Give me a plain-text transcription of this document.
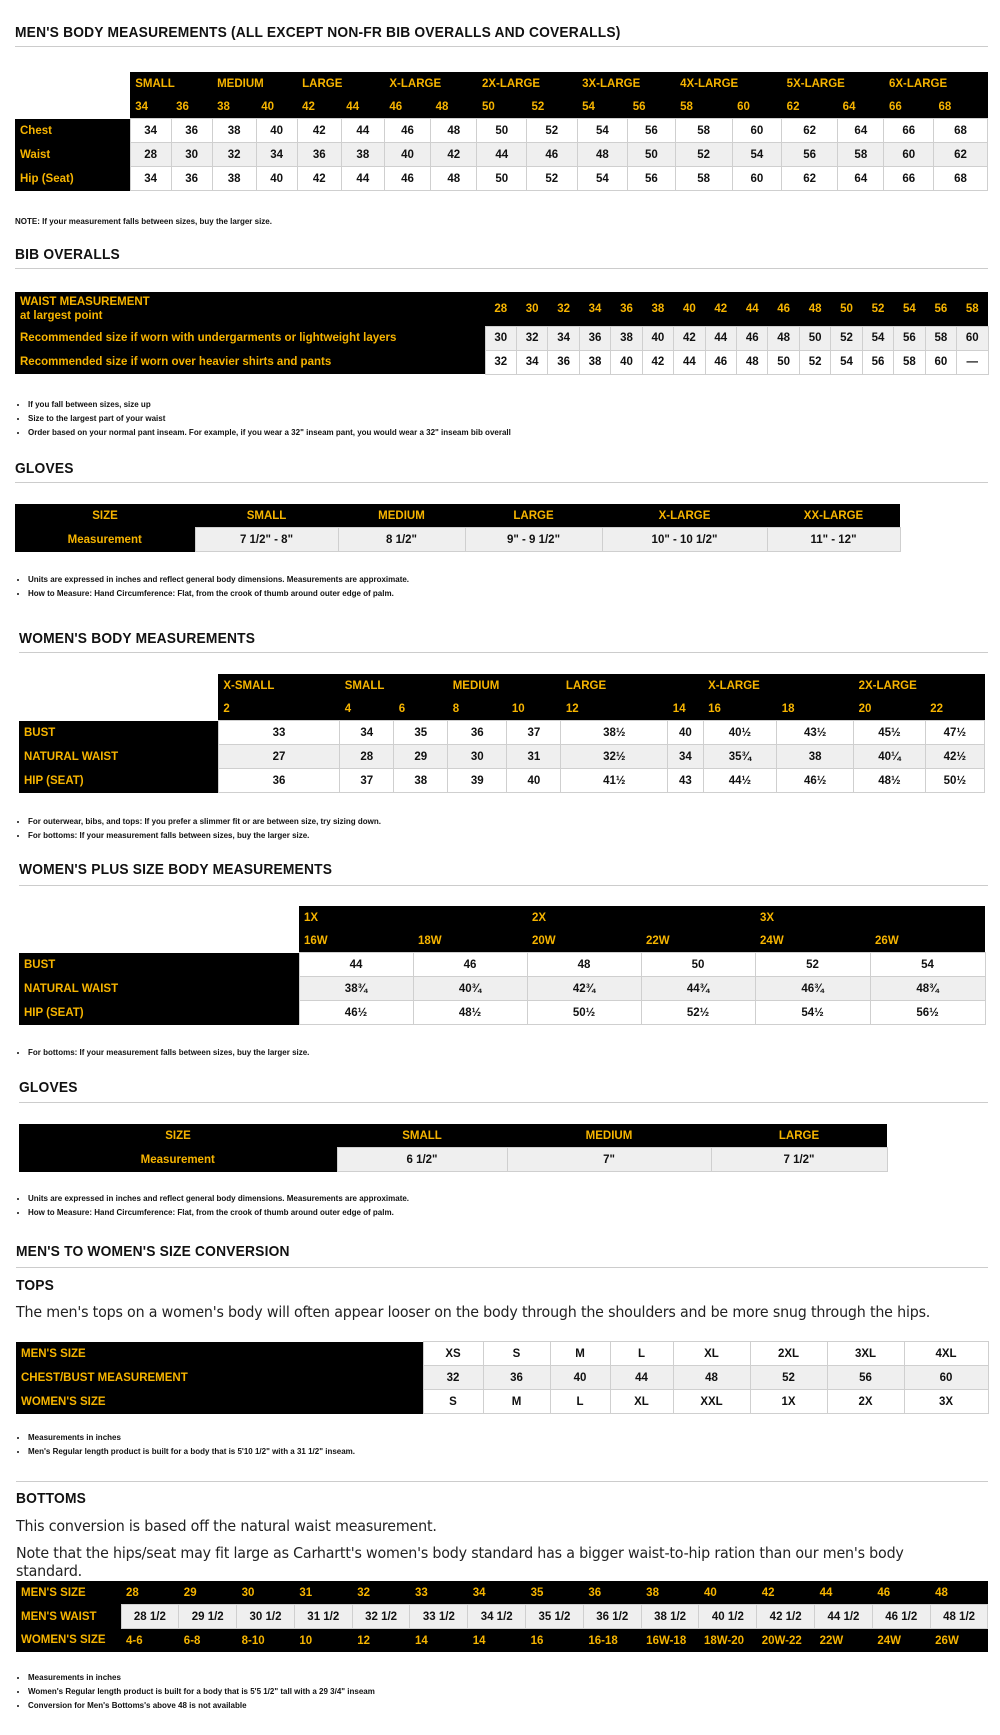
MEN'S BODY MEASUREMENTS (ALL EXCEPT NON-FR BIB OVERALLS AND COVERALLS)
	SMALL		MEDIUM		LARGE		X-LARGE		2X-LARGE		3X-LARGE		4X-LARGE		5X-LARGE		6X-LARGE	
	34	36	38	40	42	44	46	48	50	52	54	56	58	60	62	64	66	68
Chest	34	36	38	40	42	44	46	48	50	52	54	56	58	60	62	64	66	68
Waist	28	30	32	34	36	38	40	42	44	46	48	50	52	54	56	58	60	62
Hip (Seat)	34	36	38	40	42	44	46	48	50	52	54	56	58	60	62	64	66	68
NOTE: If your measurement falls between sizes, buy the larger size.
BIB OVERALLS
WAIST MEASUREMENT
at largest point	28	30	32	34	36	38	40	42	44	46	48	50	52	54	56	58
Recommended size if worn with undergarments or lightweight layers	30	32	34	36	38	40	42	44	46	48	50	52	54	56	58	60
Recommended size if worn over heavier shirts and pants	32	34	36	38	40	42	44	46	48	50	52	54	56	58	60	—
• If you fall between sizes, size up
• Size to the largest part of your waist
• Order based on your normal pant inseam. For example, if you wear a 32" inseam pant, you would wear a 32" inseam bib overall
GLOVES
SIZE	SMALL	MEDIUM	LARGE	X-LARGE	XX-LARGE
Measurement	7 1/2" - 8"	8 1/2"	9" - 9 1/2"	10" - 10 1/2"	11" - 12"
• Units are expressed in inches and reflect general body dimensions. Measurements are approximate.
• How to Measure: Hand Circumference: Flat, from the crook of thumb around outer edge of palm.
WOMEN'S BODY MEASUREMENTS
	X-SMALL	SMALL		MEDIUM		LARGE		X-LARGE		2X-LARGE	
	2	4	6	8	10	12	14	16	18	20	22
BUST	33	34	35	36	37	38½	40	40½	43½	45½	47½
NATURAL WAIST	27	28	29	30	31	32½	34	35¾	38	40¼	42½
HIP (SEAT)	36	37	38	39	40	41½	43	44½	46½	48½	50½
• For outerwear, bibs, and tops: If you prefer a slimmer fit or are between size, try sizing down.
• For bottoms: If your measurement falls between sizes, buy the larger size.
WOMEN'S PLUS SIZE BODY MEASUREMENTS
	1X		2X		3X	
	16W	18W	20W	22W	24W	26W
BUST	44	46	48	50	52	54
NATURAL WAIST	38¾	40¾	42¾	44¾	46¾	48¾
HIP (SEAT)	46½	48½	50½	52½	54½	56½
• For bottoms: If your measurement falls between sizes, buy the larger size.
GLOVES
SIZE	SMALL	MEDIUM	LARGE
Measurement	6 1/2"	7"	7 1/2"
• Units are expressed in inches and reflect general body dimensions. Measurements are approximate.
• How to Measure: Hand Circumference: Flat, from the crook of thumb around outer edge of palm.
MEN'S TO WOMEN'S SIZE CONVERSION
TOPS
The men's tops on a women's body will often appear looser on the body through the shoulders and be more snug through the hips.
MEN'S SIZE	XS	S	M	L	XL	2XL	3XL	4XL
CHEST/BUST MEASUREMENT	32	36	40	44	48	52	56	60
WOMEN'S SIZE	S	M	L	XL	XXL	1X	2X	3X
• Measurements in inches
• Men's Regular length product is built for a body that is 5'10 1/2" with a 31 1/2" inseam.
BOTTOMS
This conversion is based off the natural waist measurement.
Note that the hips/seat may fit large as Carhartt's women's body standard has a bigger waist-to-hip ration than our men's body standard.
MEN'S SIZE	28	29	30	31	32	33	34	35	36	38	40	42	44	46	48
MEN'S WAIST	28 1/2	29 1/2	30 1/2	31 1/2	32 1/2	33 1/2	34 1/2	35 1/2	36 1/2	38 1/2	40 1/2	42 1/2	44 1/2	46 1/2	48 1/2
WOMEN'S SIZE	4-6	6-8	8-10	10	12	14	14	16	16-18	16W-18	18W-20	20W-22	22W	24W	26W
• Measurements in inches
• Women's Regular length product is built for a body that is 5'5 1/2" tall with a 29 3/4" inseam
• Conversion for Men's Bottoms's above 48 is not available
